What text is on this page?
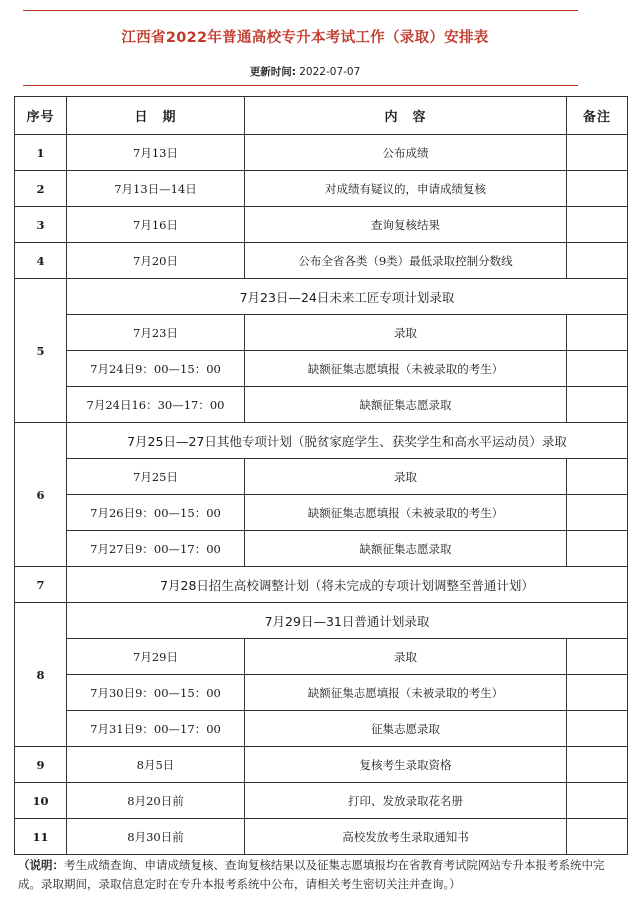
江西省2022年普通高校专升本考试工作（录取）安排表
更新时间: 2022-07-07
序号	日　期	内　容	备注
1	7月13日	公布成绩	
2	7月13日—14日	对成绩有疑议的，申请成绩复核	
3	7月16日	查询复核结果	
4	7月20日	公布全省各类（9类）最低录取控制分数线	
5	7月23日—24日未来工匠专项计划录取		
	7月23日	录取	
	7月24日9：00—15：00	缺额征集志愿填报（未被录取的考生）	
	7月24日16：30—17：00	缺额征集志愿录取	
6	7月25日—27日其他专项计划（脱贫家庭学生、获奖学生和高水平运动员）录取		
	7月25日	录取	
	7月26日9：00—15：00	缺额征集志愿填报（未被录取的考生）	
	7月27日9：00—17：00	缺额征集志愿录取	
7	7月28日招生高校调整计划（将未完成的专项计划调整至普通计划）		
8	7月29日—31日普通计划录取		
	7月29日	录取	
	7月30日9：00—15：00	缺额征集志愿填报（未被录取的考生）	
	7月31日9：00—17：00	征集志愿录取	
9	8月5日	复核考生录取资格	
10	8月20日前	打印、发放录取花名册	
11	8月30日前	高校发放考生录取通知书	
（说明：考生成绩查询、申请成绩复核、查询复核结果以及征集志愿填报均在省教育考试院网站专升本报考系统中完成。录取期间，录取信息定时在专升本报考系统中公布，请相关考生密切关注并查询。）
